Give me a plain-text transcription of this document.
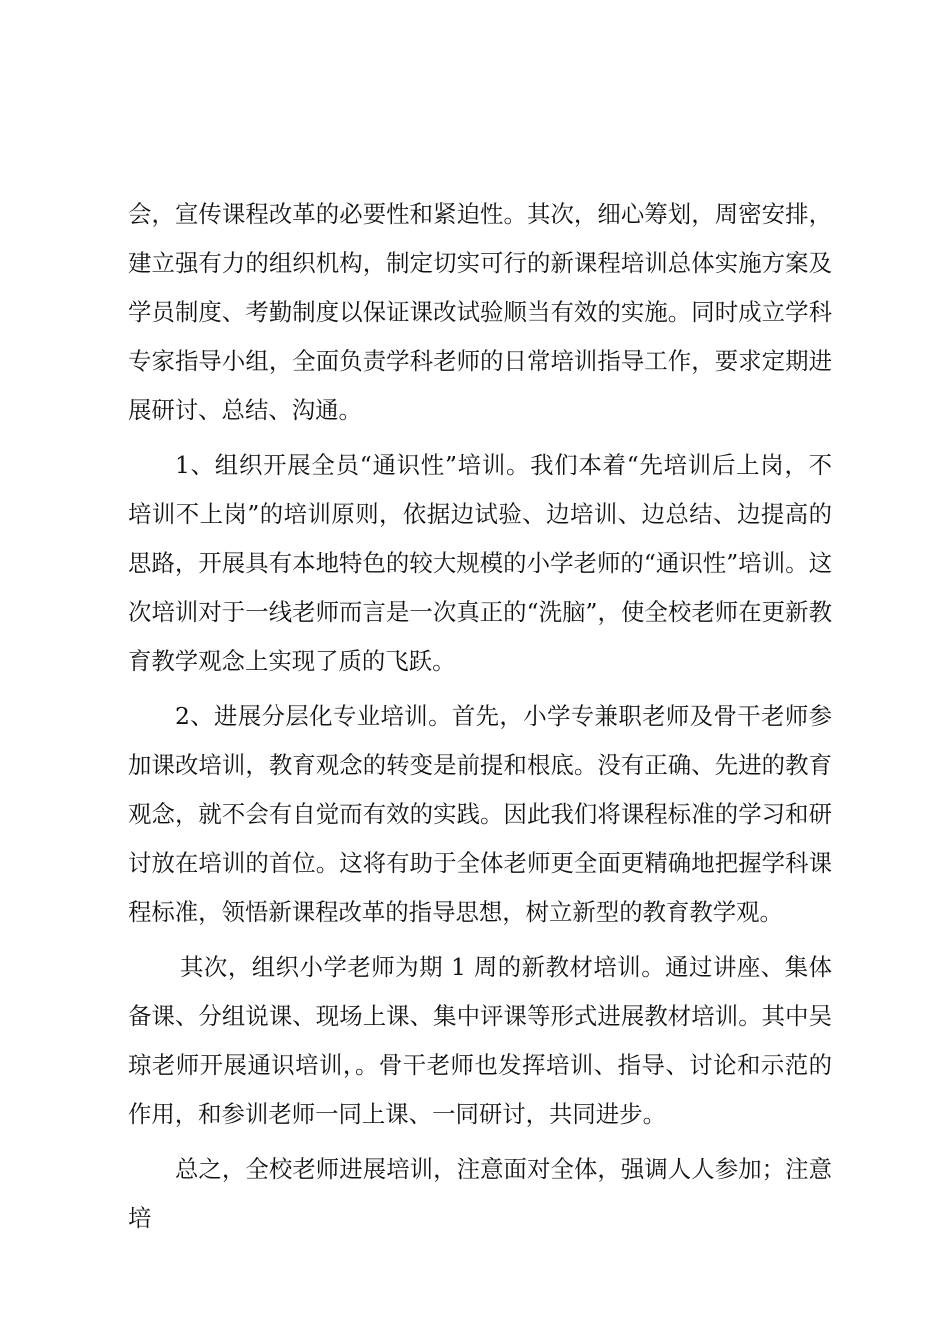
会，宣传课程改革的必要性和紧迫性。其次，细心筹划，周密安排，建立强有力的组织机构，制定切实可行的新课程培训总体实施方案及学员制度、考勤制度以保证课改试验顺当有效的实施。同时成立学科专家指导小组，全面负责学科老师的日常培训指导工作，要求定期进展研讨、总结、沟通。

1、组织开展全员“通识性”培训。我们本着“先培训后上岗，不培训不上岗”的培训原则，依据边试验、边培训、边总结、边提高的思路，开展具有本地特色的较大规模的小学老师的“通识性”培训。这次培训对于一线老师而言是一次真正的“洗脑”，使全校老师在更新教育教学观念上实现了质的飞跃。

2、进展分层化专业培训。首先，小学专兼职老师及骨干老师参加课改培训，教育观念的转变是前提和根底。没有正确、先进的教育观念，就不会有自觉而有效的实践。因此我们将课程标准的学习和研讨放在培训的首位。这将有助于全体老师更全面更精确地把握学科课程标准，领悟新课程改革的指导思想，树立新型的教育教学观。

其次，组织小学老师为期 1 周的新教材培训。通过讲座、集体备课、分组说课、现场上课、集中评课等形式进展教材培训。其中吴琼老师开展通识培训，。骨干老师也发挥培训、指导、讨论和示范的作用，和参训老师一同上课、一同研讨，共同进步。

总之，全校老师进展培训，注意面对全体，强调人人参加；注意培
